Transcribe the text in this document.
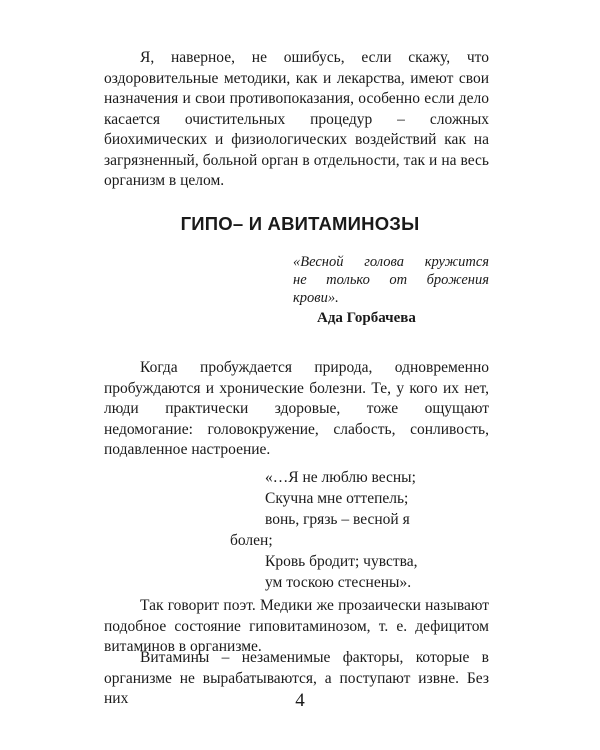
Я, наверное, не ошибусь, если скажу, что оздоровительные методики, как и лекарства, имеют свои назначения и свои противопоказания, особенно если дело касается очистительных процедур – сложных биохимических и физиологических воздействий как на загрязненный, больной орган в отдельности, так и на весь организм в целом.

ГИПО– И АВИТАМИНОЗЫ
«Весной голова кружится
не только от брожения крови».
Ада Горбачева

Когда пробуждается природа, одновременно пробуждаются и хронические болезни. Те, у кого их нет, люди практически здоровые, тоже ощущают недомогание: головокружение, слабость, сонливость, подавленное настроение.

«…Я не люблю весны;
Скучна мне оттепель;
вонь, грязь – весной я
болен;
Кровь бродит; чувства,
ум тоскою стеснены».

Так говорит поэт. Медики же прозаически называют подобное состояние гиповитаминозом, т. е. дефицитом витаминов в организме.

Витамины – незаменимые факторы, которые в организме не вырабатываются, а поступают извне. Без них	4
